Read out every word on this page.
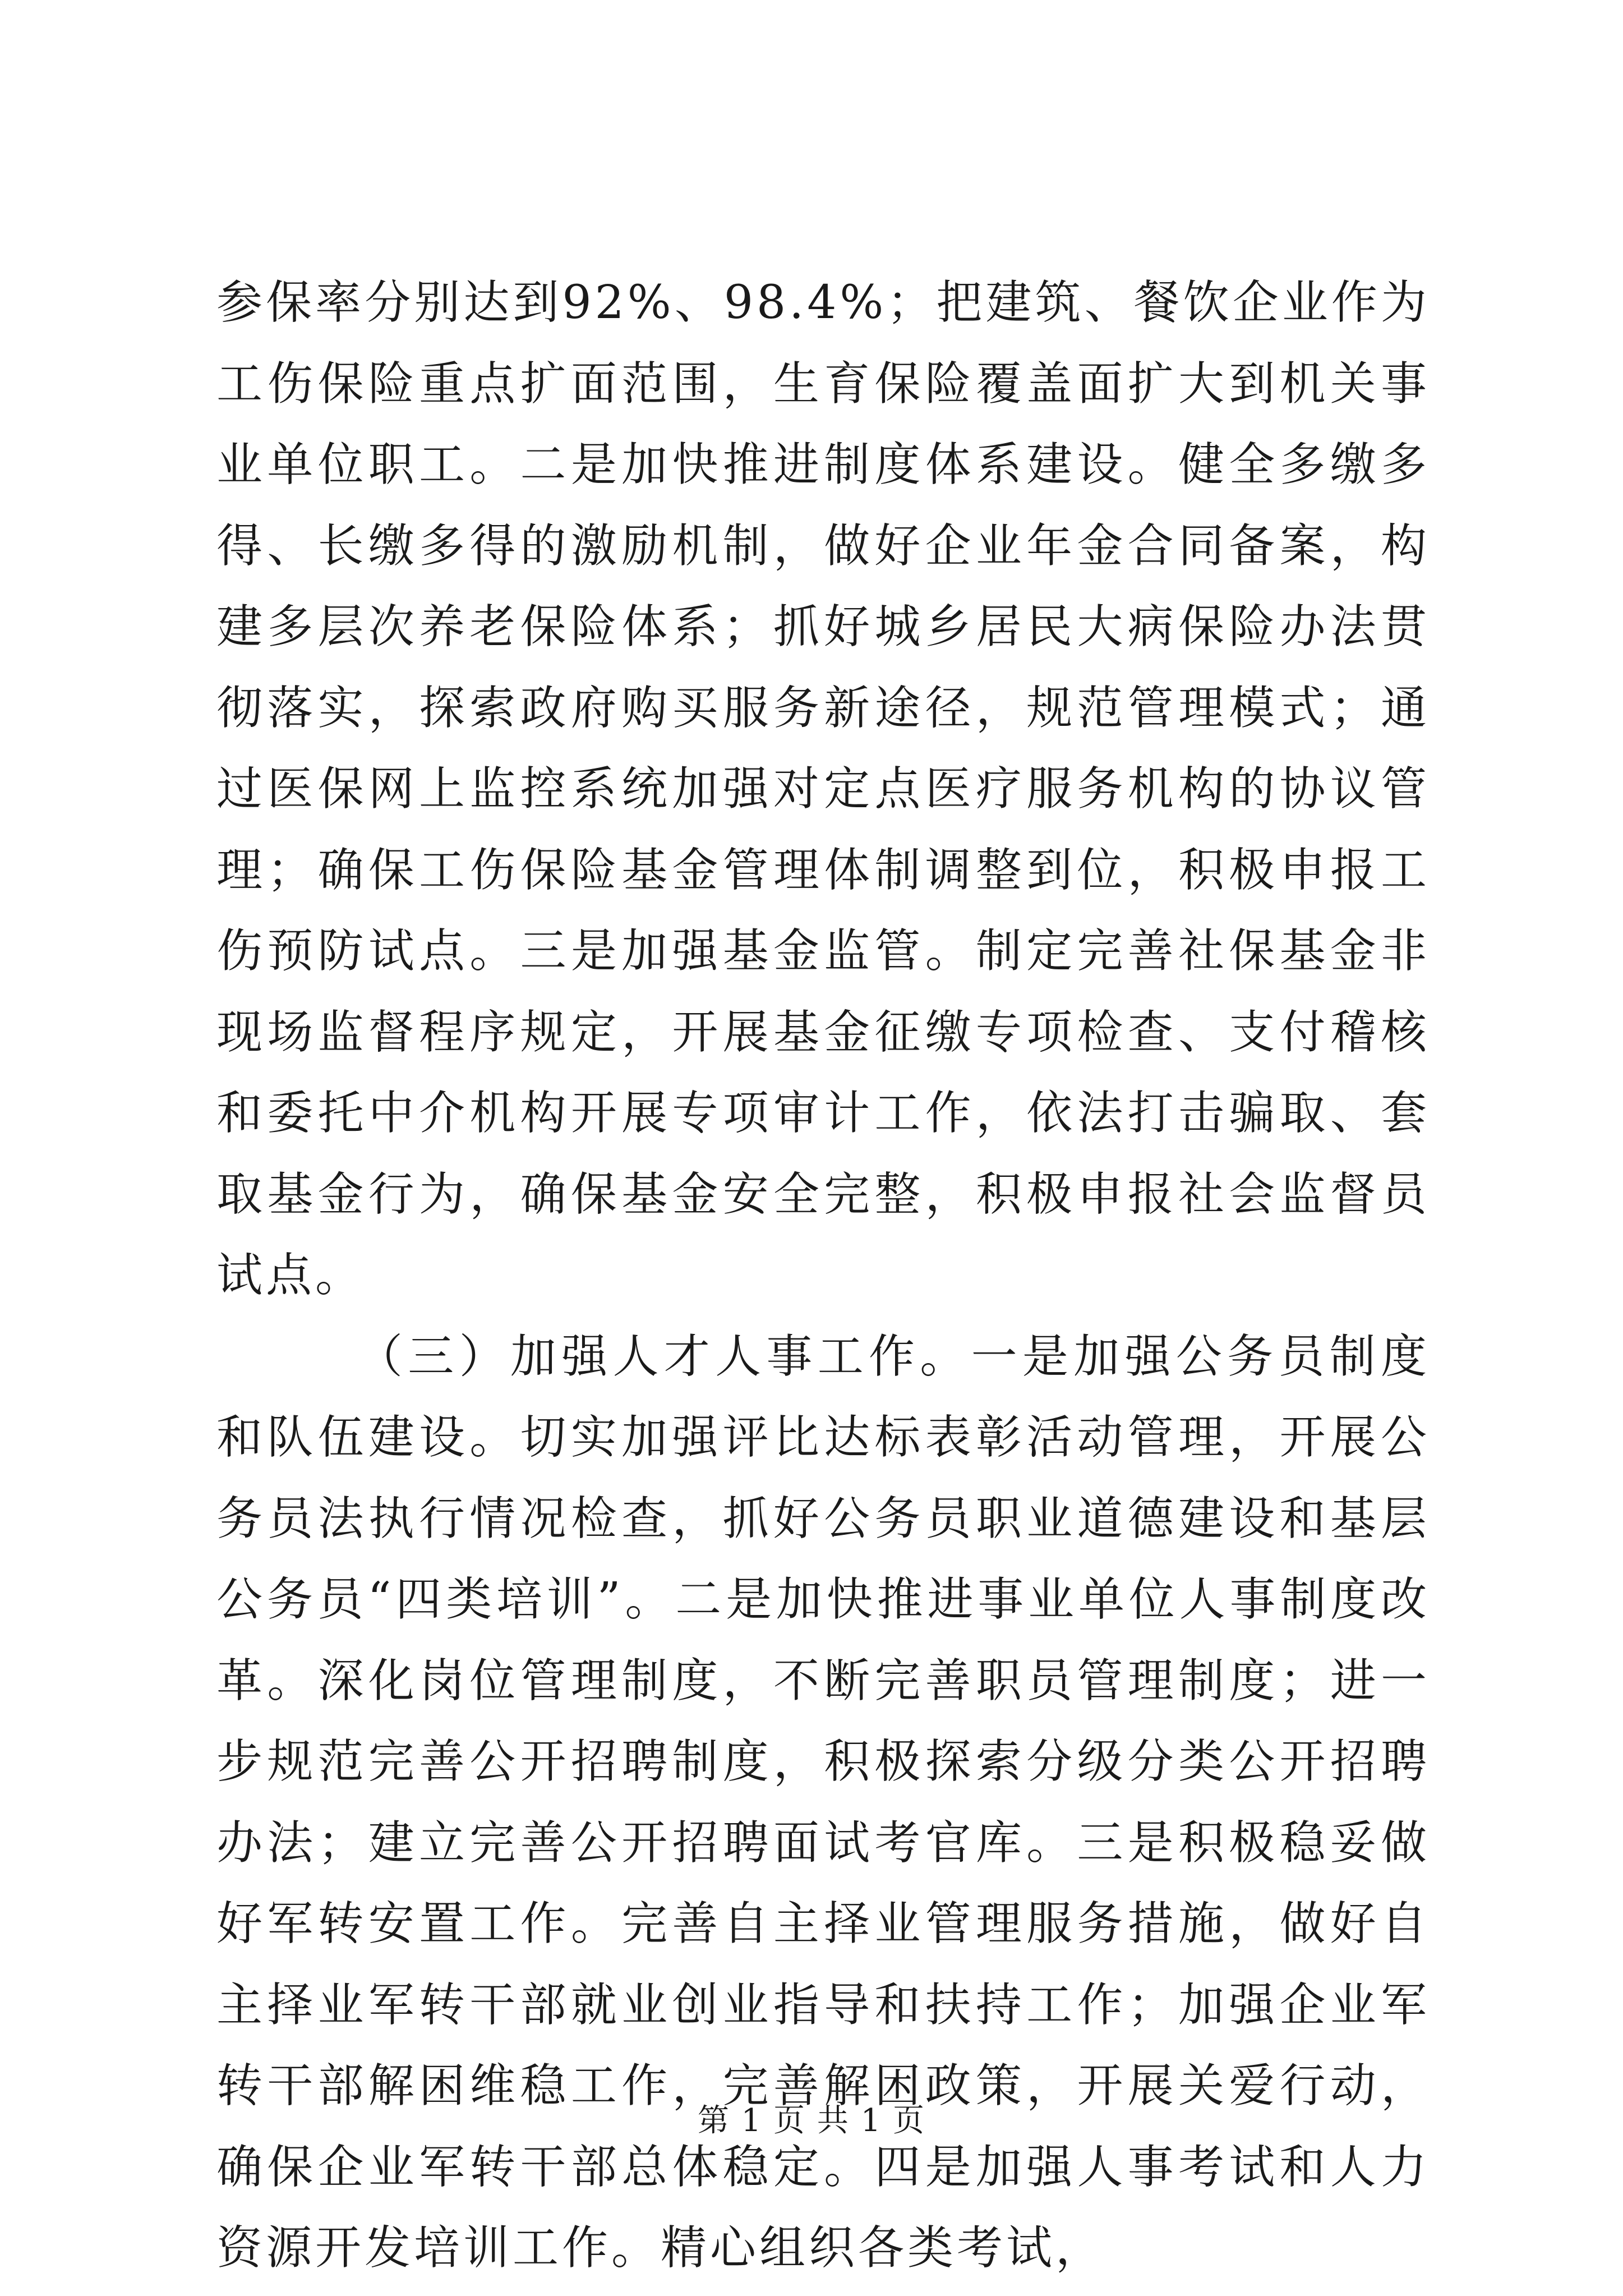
参保率分别达到92%、98.4%；把建筑、餐饮企业作为工伤保险重点扩面范围，生育保险覆盖面扩大到机关事业单位职工。二是加快推进制度体系建设。健全多缴多得、长缴多得的激励机制，做好企业年金合同备案，构建多层次养老保险体系；抓好城乡居民大病保险办法贯彻落实，探索政府购买服务新途径，规范管理模式；通过医保网上监控系统加强对定点医疗服务机构的协议管理；确保工伤保险基金管理体制调整到位，积极申报工伤预防试点。三是加强基金监管。制定完善社保基金非现场监督程序规定，开展基金征缴专项检查、支付稽核和委托中介机构开展专项审计工作，依法打击骗取、套取基金行为，确保基金安全完整，积极申报社会监督员试点。

（三）加强人才人事工作。一是加强公务员制度和队伍建设。切实加强评比达标表彰活动管理，开展公务员法执行情况检查，抓好公务员职业道德建设和基层公务员“四类培训”。二是加快推进事业单位人事制度改革。深化岗位管理制度，不断完善职员管理制度；进一步规范完善公开招聘制度，积极探索分级分类公开招聘办法；建立完善公开招聘面试考官库。三是积极稳妥做好军转安置工作。完善自主择业管理服务措施，做好自主择业军转干部就业创业指导和扶持工作；加强企业军转干部解困维稳工作，完善解困政策，开展关爱行动，确保企业军转干部总体稳定。四是加强人事考试和人力资源开发培训工作。精心组织各类考试，

第 1 页 共 1 页
